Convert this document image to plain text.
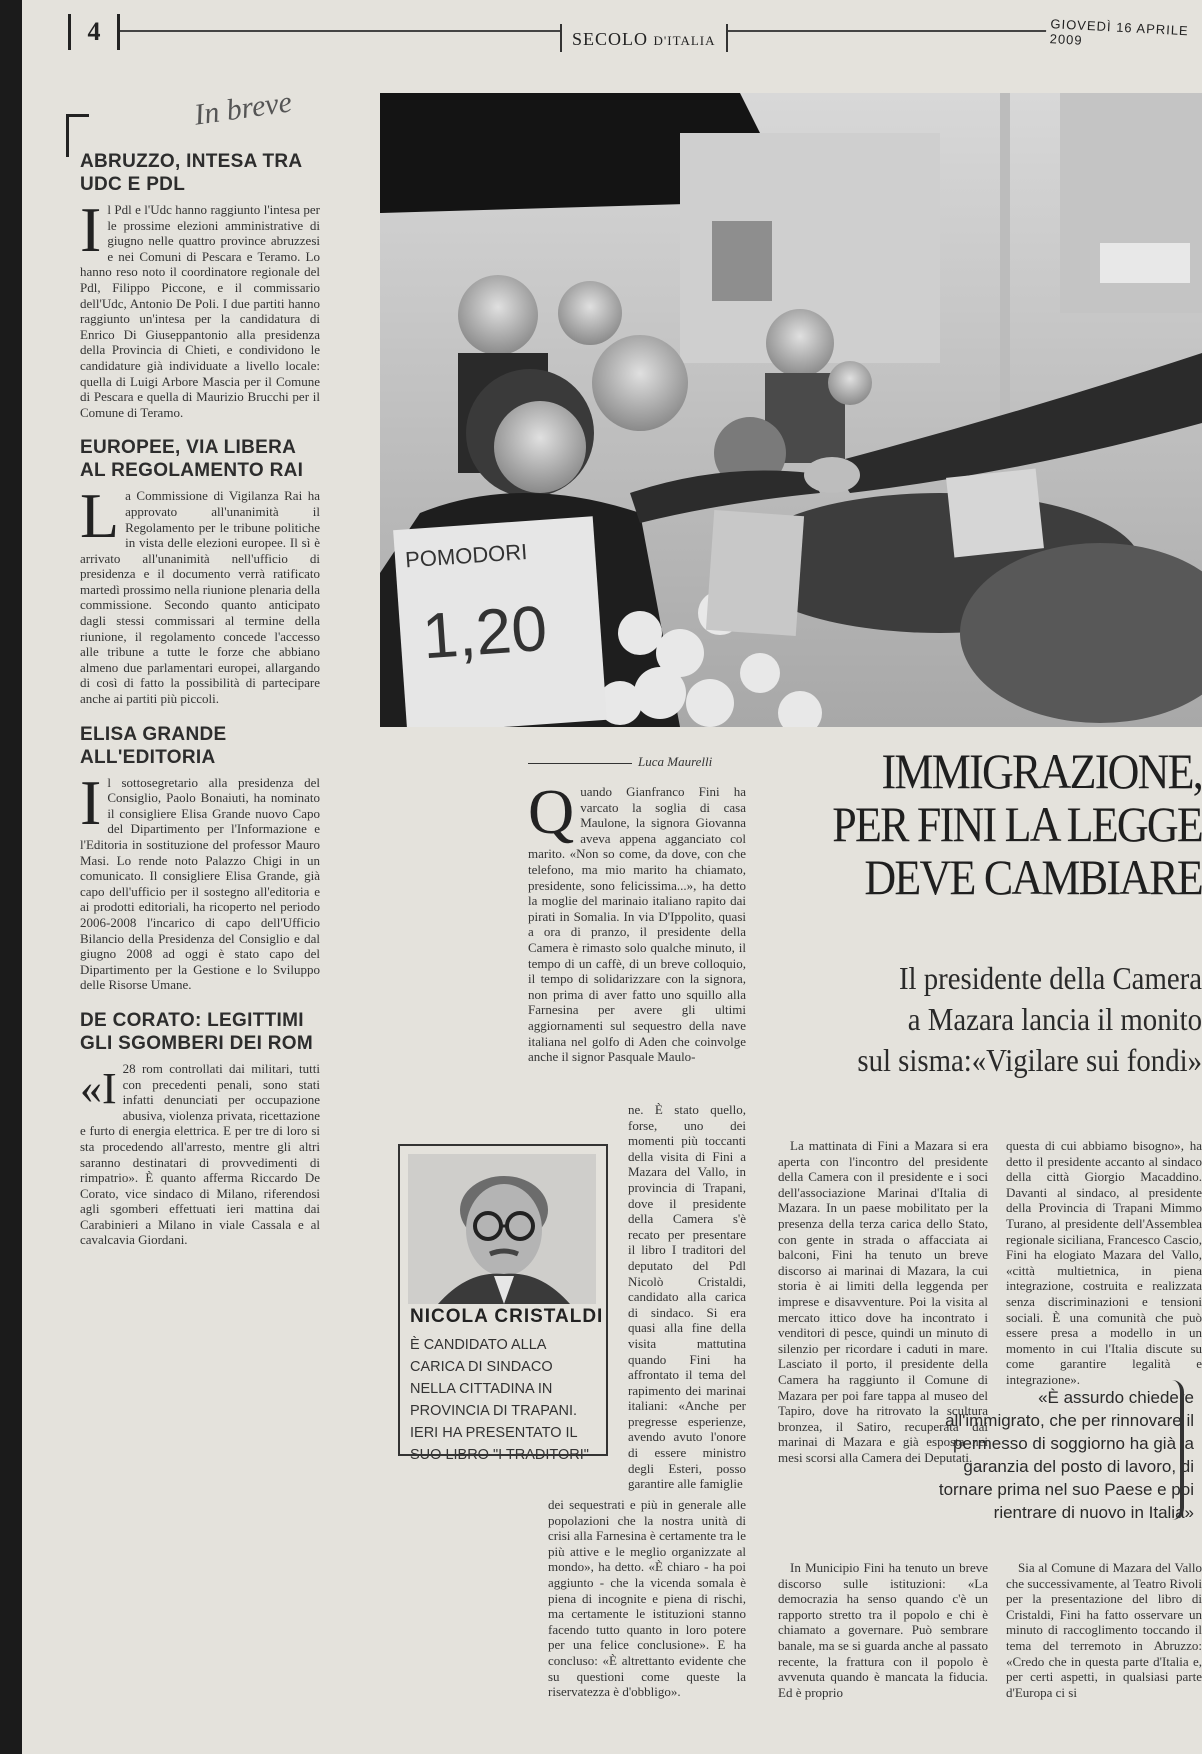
4	SECOLO D'ITALIA
GIOVEDÌ 16 APRILE 2009
In breve
ABRUZZO, INTESA TRA UDC E PDL

Il Pdl e l'Udc hanno raggiunto l'intesa per le prossime elezioni amministrative di giugno nelle quattro province abruzzesi e nei Comuni di Pescara e Teramo. Lo hanno reso noto il coordinatore regionale del Pdl, Filippo Piccone, e il commissario dell'Udc, Antonio De Poli. I due partiti hanno raggiunto un'intesa per la candidatura di Enrico Di Giuseppantonio alla presidenza della Provincia di Chieti, e condividono le candidature già individuate a livello locale: quella di Luigi Arbore Mascia per il Comune di Pescara e quella di Maurizio Brucchi per il Comune di Teramo.

EUROPEE, VIA LIBERA AL REGOLAMENTO RAI

La Commissione di Vigilanza Rai ha approvato all'unanimità il Regolamento per le tribune politiche in vista delle elezioni europee. Il sì è arrivato all'unanimità nell'ufficio di presidenza e il documento verrà ratificato martedì prossimo nella riunione plenaria della commissione. Secondo quanto anticipato dagli stessi commissari al termine della riunione, il regolamento concede l'accesso alle tribune a tutte le forze che abbiano almeno due parlamentari europei, allargando di così di fatto la possibilità di partecipare anche ai partiti più piccoli.

ELISA GRANDE ALL'EDITORIA

Il sottosegretario alla presidenza del Consiglio, Paolo Bonaiuti, ha nominato il consigliere Elisa Grande nuovo Capo del Dipartimento per l'Informazione e l'Editoria in sostituzione del professor Mauro Masi. Lo rende noto Palazzo Chigi in un comunicato. Il consigliere Elisa Grande, già capo dell'ufficio per il sostegno all'editoria e ai prodotti editoriali, ha ricoperto nel periodo 2006-2008 l'incarico di capo dell'Ufficio Bilancio della Presidenza del Consiglio e dal giugno 2008 ad oggi è stato capo del Dipartimento per la Gestione e lo Sviluppo delle Risorse Umane.

DE CORATO: LEGITTIMI GLI SGOMBERI DEI ROM

«I 28 rom controllati dai militari, tutti con precedenti penali, sono stati infatti denunciati per occupazione abusiva, violenza privata, ricettazione e furto di energia elettrica. E per tre di loro si sta procedendo all'arresto, mentre gli altri saranno destinatari di provvedimenti di rimpatrio». È quanto afferma Riccardo De Corato, vice sindaco di Milano, riferendosi agli sgomberi effettuati ieri mattina dai Carabinieri a Milano in viale Cassala e al cavalcavia Giordani.

POMODORI
1,20
Luca Maurelli	IMMIGRAZIONE,
PER FINI LA LEGGE
DEVE CAMBIARE
Il presidente della Camera
a Mazara lancia il monito
sul sisma:«Vigilare sui fondi»

Quando Gianfranco Fini ha varcato la soglia di casa Maulone, la signora Giovanna aveva appena agganciato col marito. «Non so come, da dove, con che telefono, ma mio marito ha chiamato, presidente, sono felicissima...», ha detto la moglie del marinaio italiano rapito dai pirati in Somalia. In via D'Ippolito, quasi a ora di pranzo, il presidente della Camera è rimasto solo qualche minuto, il tempo di un caffè, di un breve colloquio, il tempo di solidarizzare con la signora, non prima di aver fatto uno squillo alla Farnesina per avere gli ultimi aggiornamenti sul sequestro della nave italiana nel golfo di Aden che coinvolge anche il signor Pasquale Maulo-

ne. È stato quello, forse, uno dei momenti più toccanti della visita di Fini a Mazara del Vallo, in provincia di Trapani, dove il presidente della Camera s'è recato per presentare il libro I traditori del deputato del Pdl Nicolò Cristaldi, candidato alla carica di sindaco. Si era quasi alla fine della visita mattutina quando Fini ha affrontato il tema del rapimento dei marinai italiani: «Anche per pregresse esperienze, avendo avuto l'onore di essere ministro degli Esteri, posso garantire alle famiglie

dei sequestrati e più in generale alle popolazioni che la nostra unità di crisi alla Farnesina è certamente tra le più attive e le meglio organizzate al mondo», ha detto. «È chiaro - ha poi aggiunto - che la vicenda somala è piena di incognite e piena di rischi, ma certamente le istituzioni stanno facendo tutto quanto in loro potere per una felice conclusione». E ha concluso: «È altrettanto evidente che su questioni come queste la riservatezza è d'obbligo».

La mattinata di Fini a Mazara si era aperta con l'incontro del presidente della Camera con il presidente e i soci dell'associazione Marinai d'Italia di Mazara. In un paese mobilitato per la presenza della terza carica dello Stato, con gente in strada o affacciata ai balconi, Fini ha tenuto un breve discorso ai marinai di Mazara, la cui storia è ai limiti della leggenda per imprese e disavventure. Poi la visita al mercato ittico dove ha incontrato i venditori di pesce, quindi un minuto di silenzio per ricordare i caduti in mare. Lasciato il porto, il presidente della Camera ha raggiunto il Comune di Mazara per poi fare tappa al museo del Tapiro, dove ha ritrovato la scultura bronzea, il Satiro, recuperata dai marinai di Mazara e già esposta nei mesi scorsi alla Camera dei Deputati.

In Municipio Fini ha tenuto un breve discorso sulle istituzioni: «La democrazia ha senso quando c'è un rapporto stretto tra il popolo e chi è chiamato a governare. Può sembrare banale, ma se si guarda anche al passato recente, la frattura con il popolo è avvenuta quando è mancata la fiducia. Ed è proprio

questa di cui abbiamo bisogno», ha detto il presidente accanto al sindaco della città Giorgio Macaddino. Davanti al sindaco, al presidente della Provincia di Trapani Mimmo Turano, al presidente dell'Assemblea regionale siciliana, Francesco Cascio, Fini ha elogiato Mazara del Vallo, «città multietnica, in piena integrazione, costruita e realizzata senza discriminazioni e tensioni sociali. È una comunità che può essere presa a modello in un momento in cui l'Italia discute su come garantire legalità e integrazione».

Sia al Comune di Mazara del Vallo che successivamente, al Teatro Rivoli per la presentazione del libro di Cristaldi, Fini ha fatto osservare un minuto di raccoglimento toccando il tema del terremoto in Abruzzo: «Credo che in questa parte d'Italia e, per certi aspetti, in qualsiasi parte d'Europa ci si

«È assurdo chiedere all'immigrato, che per rinnovare il permesso di soggiorno ha già la garanzia del posto di lavoro, di tornare prima nel suo Paese e poi rientrare di nuovo in Italia»
NICOLA CRISTALDI

È CANDIDATO ALLA CARICA DI SINDACO NELLA CITTADINA IN PROVINCIA DI TRAPANI. IERI HA PRESENTATO IL SUO LIBRO "I TRADITORI"
